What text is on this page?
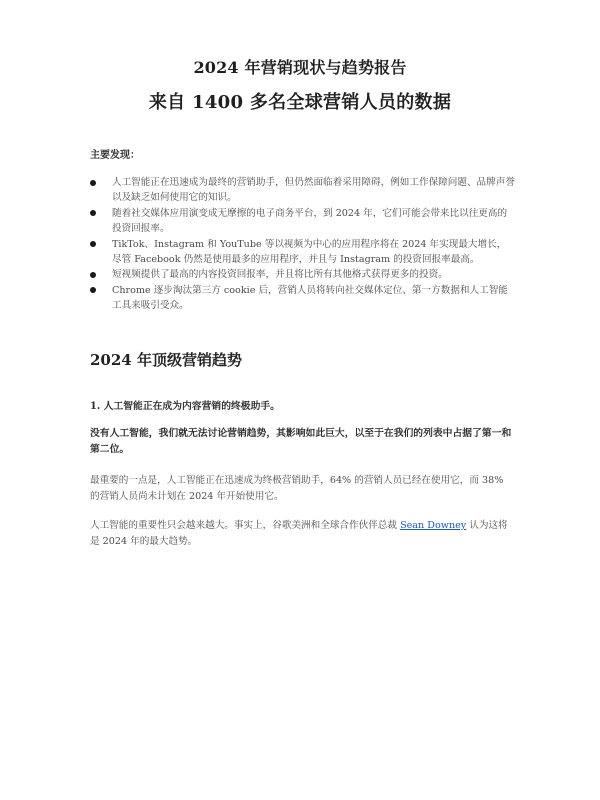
2024 年营销现状与趋势报告
来自 1400 多名全球营销人员的数据
主要发现：
人工智能正在迅速成为最终的营销助手，但仍然面临着采用障碍，例如工作保障问题、品牌声誉以及缺乏如何使用它的知识。
随着社交媒体应用演变成无摩擦的电子商务平台，到 2024 年，它们可能会带来比以往更高的投资回报率。
TikTok、Instagram 和 YouTube 等以视频为中心的应用程序将在 2024 年实现最大增长，尽管 Facebook 仍然是使用最多的应用程序，并且与 Instagram 的投资回报率最高。
短视频提供了最高的内容投资回报率，并且将比所有其他格式获得更多的投资。
Chrome 逐步淘汰第三方 cookie 后，营销人员将转向社交媒体定位、第一方数据和人工智能工具来吸引受众。
2024 年顶级营销趋势
1. 人工智能正在成为内容营销的终极助手。
没有人工智能，我们就无法讨论营销趋势，其影响如此巨大，以至于在我们的列表中占据了第一和第二位。
最重要的一点是，人工智能正在迅速成为终极营销助手，64% 的营销人员已经在使用它，而 38% 的营销人员尚未计划在 2024 年开始使用它。
人工智能的重要性只会越来越大。事实上，谷歌美洲和全球合作伙伴总裁 Sean Downey 认为这将是 2024 年的最大趋势。
